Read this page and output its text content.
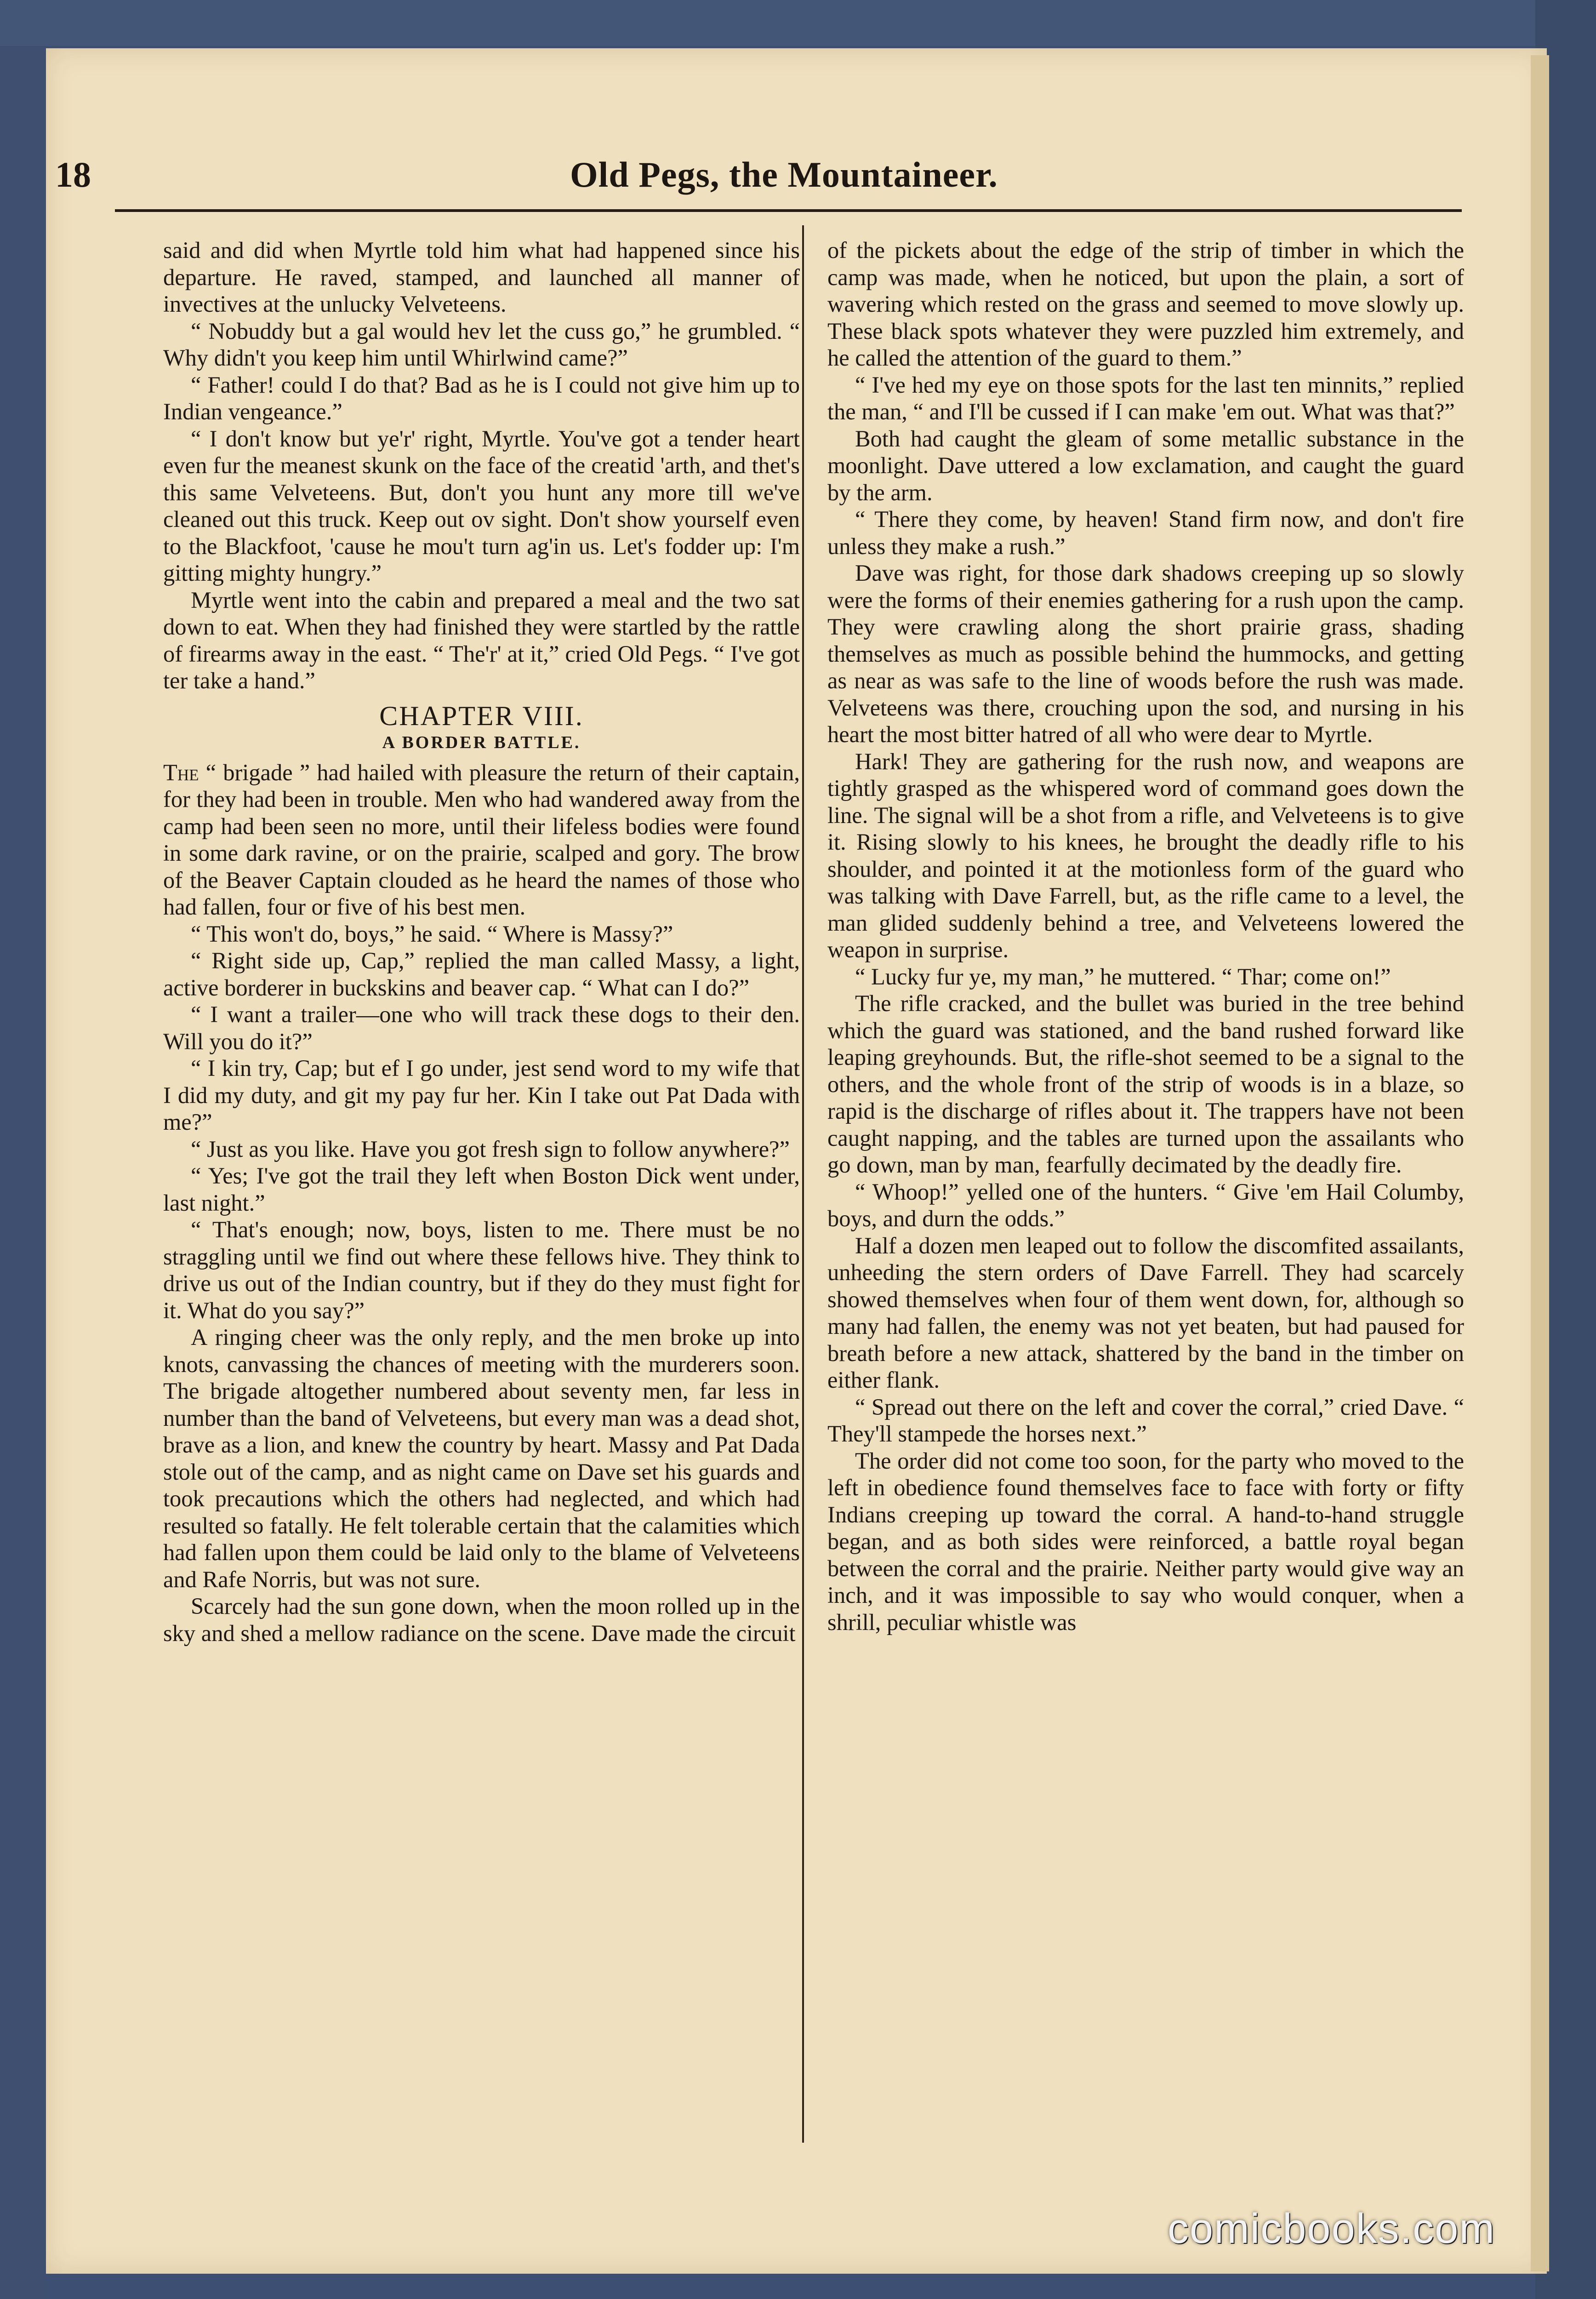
18	Old Pegs, the Mountaineer.

said and did when Myrtle told him what had happened since his departure. He raved, stamped, and launched all manner of invectives at the unlucky Velveteens.

“ Nobuddy but a gal would hev let the cuss go,” he grumbled. “ Why didn't you keep him until Whirlwind came?”

“ Father! could I do that? Bad as he is I could not give him up to Indian vengeance.”

“ I don't know but ye'r' right, Myrtle. You've got a tender heart even fur the meanest skunk on the face of the creatid 'arth, and thet's this same Velveteens. But, don't you hunt any more till we've cleaned out this truck. Keep out ov sight. Don't show yourself even to the Blackfoot, 'cause he mou't turn ag'in us. Let's fodder up: I'm gitting mighty hungry.”

Myrtle went into the cabin and prepared a meal and the two sat down to eat. When they had finished they were startled by the rattle of firearms away in the east. “ The'r' at it,” cried Old Pegs. “ I've got ter take a hand.”

CHAPTER VIII.
A BORDER BATTLE.

The “ brigade ” had hailed with pleasure the return of their captain, for they had been in trouble. Men who had wandered away from the camp had been seen no more, until their lifeless bodies were found in some dark ravine, or on the prairie, scalped and gory. The brow of the Beaver Captain clouded as he heard the names of those who had fallen, four or five of his best men.

“ This won't do, boys,” he said. “ Where is Massy?”

“ Right side up, Cap,” replied the man called Massy, a light, active borderer in buckskins and beaver cap. “ What can I do?”

“ I want a trailer—one who will track these dogs to their den. Will you do it?”

“ I kin try, Cap; but ef I go under, jest send word to my wife that I did my duty, and git my pay fur her. Kin I take out Pat Dada with me?”

“ Just as you like. Have you got fresh sign to follow anywhere?”

“ Yes; I've got the trail they left when Boston Dick went under, last night.”

“ That's enough; now, boys, listen to me. There must be no straggling until we find out where these fellows hive. They think to drive us out of the Indian country, but if they do they must fight for it. What do you say?”

A ringing cheer was the only reply, and the men broke up into knots, canvassing the chances of meeting with the murderers soon. The brigade altogether numbered about seventy men, far less in number than the band of Velveteens, but every man was a dead shot, brave as a lion, and knew the country by heart. Massy and Pat Dada stole out of the camp, and as night came on Dave set his guards and took precautions which the others had neglected, and which had resulted so fatally. He felt tolerable certain that the calamities which had fallen upon them could be laid only to the blame of Velveteens and Rafe Norris, but was not sure.

Scarcely had the sun gone down, when the moon rolled up in the sky and shed a mellow radiance on the scene. Dave made the circuit

of the pickets about the edge of the strip of timber in which the camp was made, when he noticed, but upon the plain, a sort of wavering which rested on the grass and seemed to move slowly up. These black spots whatever they were puzzled him extremely, and he called the attention of the guard to them.”

“ I've hed my eye on those spots for the last ten minnits,” replied the man, “ and I'll be cussed if I can make 'em out. What was that?”

Both had caught the gleam of some metallic substance in the moonlight. Dave uttered a low exclamation, and caught the guard by the arm.

“ There they come, by heaven! Stand firm now, and don't fire unless they make a rush.”

Dave was right, for those dark shadows creeping up so slowly were the forms of their enemies gathering for a rush upon the camp. They were crawling along the short prairie grass, shading themselves as much as possible behind the hummocks, and getting as near as was safe to the line of woods before the rush was made. Velveteens was there, crouching upon the sod, and nursing in his heart the most bitter hatred of all who were dear to Myrtle.

Hark! They are gathering for the rush now, and weapons are tightly grasped as the whispered word of command goes down the line. The signal will be a shot from a rifle, and Velveteens is to give it. Rising slowly to his knees, he brought the deadly rifle to his shoulder, and pointed it at the motionless form of the guard who was talking with Dave Farrell, but, as the rifle came to a level, the man glided suddenly behind a tree, and Velveteens lowered the weapon in surprise.

“ Lucky fur ye, my man,” he muttered. “ Thar; come on!”

The rifle cracked, and the bullet was buried in the tree behind which the guard was stationed, and the band rushed forward like leaping greyhounds. But, the rifle-shot seemed to be a signal to the others, and the whole front of the strip of woods is in a blaze, so rapid is the discharge of rifles about it. The trappers have not been caught napping, and the tables are turned upon the assailants who go down, man by man, fearfully decimated by the deadly fire.

“ Whoop!” yelled one of the hunters. “ Give 'em Hail Columby, boys, and durn the odds.”

Half a dozen men leaped out to follow the discomfited assailants, unheeding the stern orders of Dave Farrell. They had scarcely showed themselves when four of them went down, for, although so many had fallen, the enemy was not yet beaten, but had paused for breath before a new attack, shattered by the band in the timber on either flank.

“ Spread out there on the left and cover the corral,” cried Dave. “ They'll stampede the horses next.”

The order did not come too soon, for the party who moved to the left in obedience found themselves face to face with forty or fifty Indians creeping up toward the corral. A hand-to-hand struggle began, and as both sides were reinforced, a battle royal began between the corral and the prairie. Neither party would give way an inch, and it was impossible to say who would conquer, when a shrill, peculiar whistle was

comicbooks.com
